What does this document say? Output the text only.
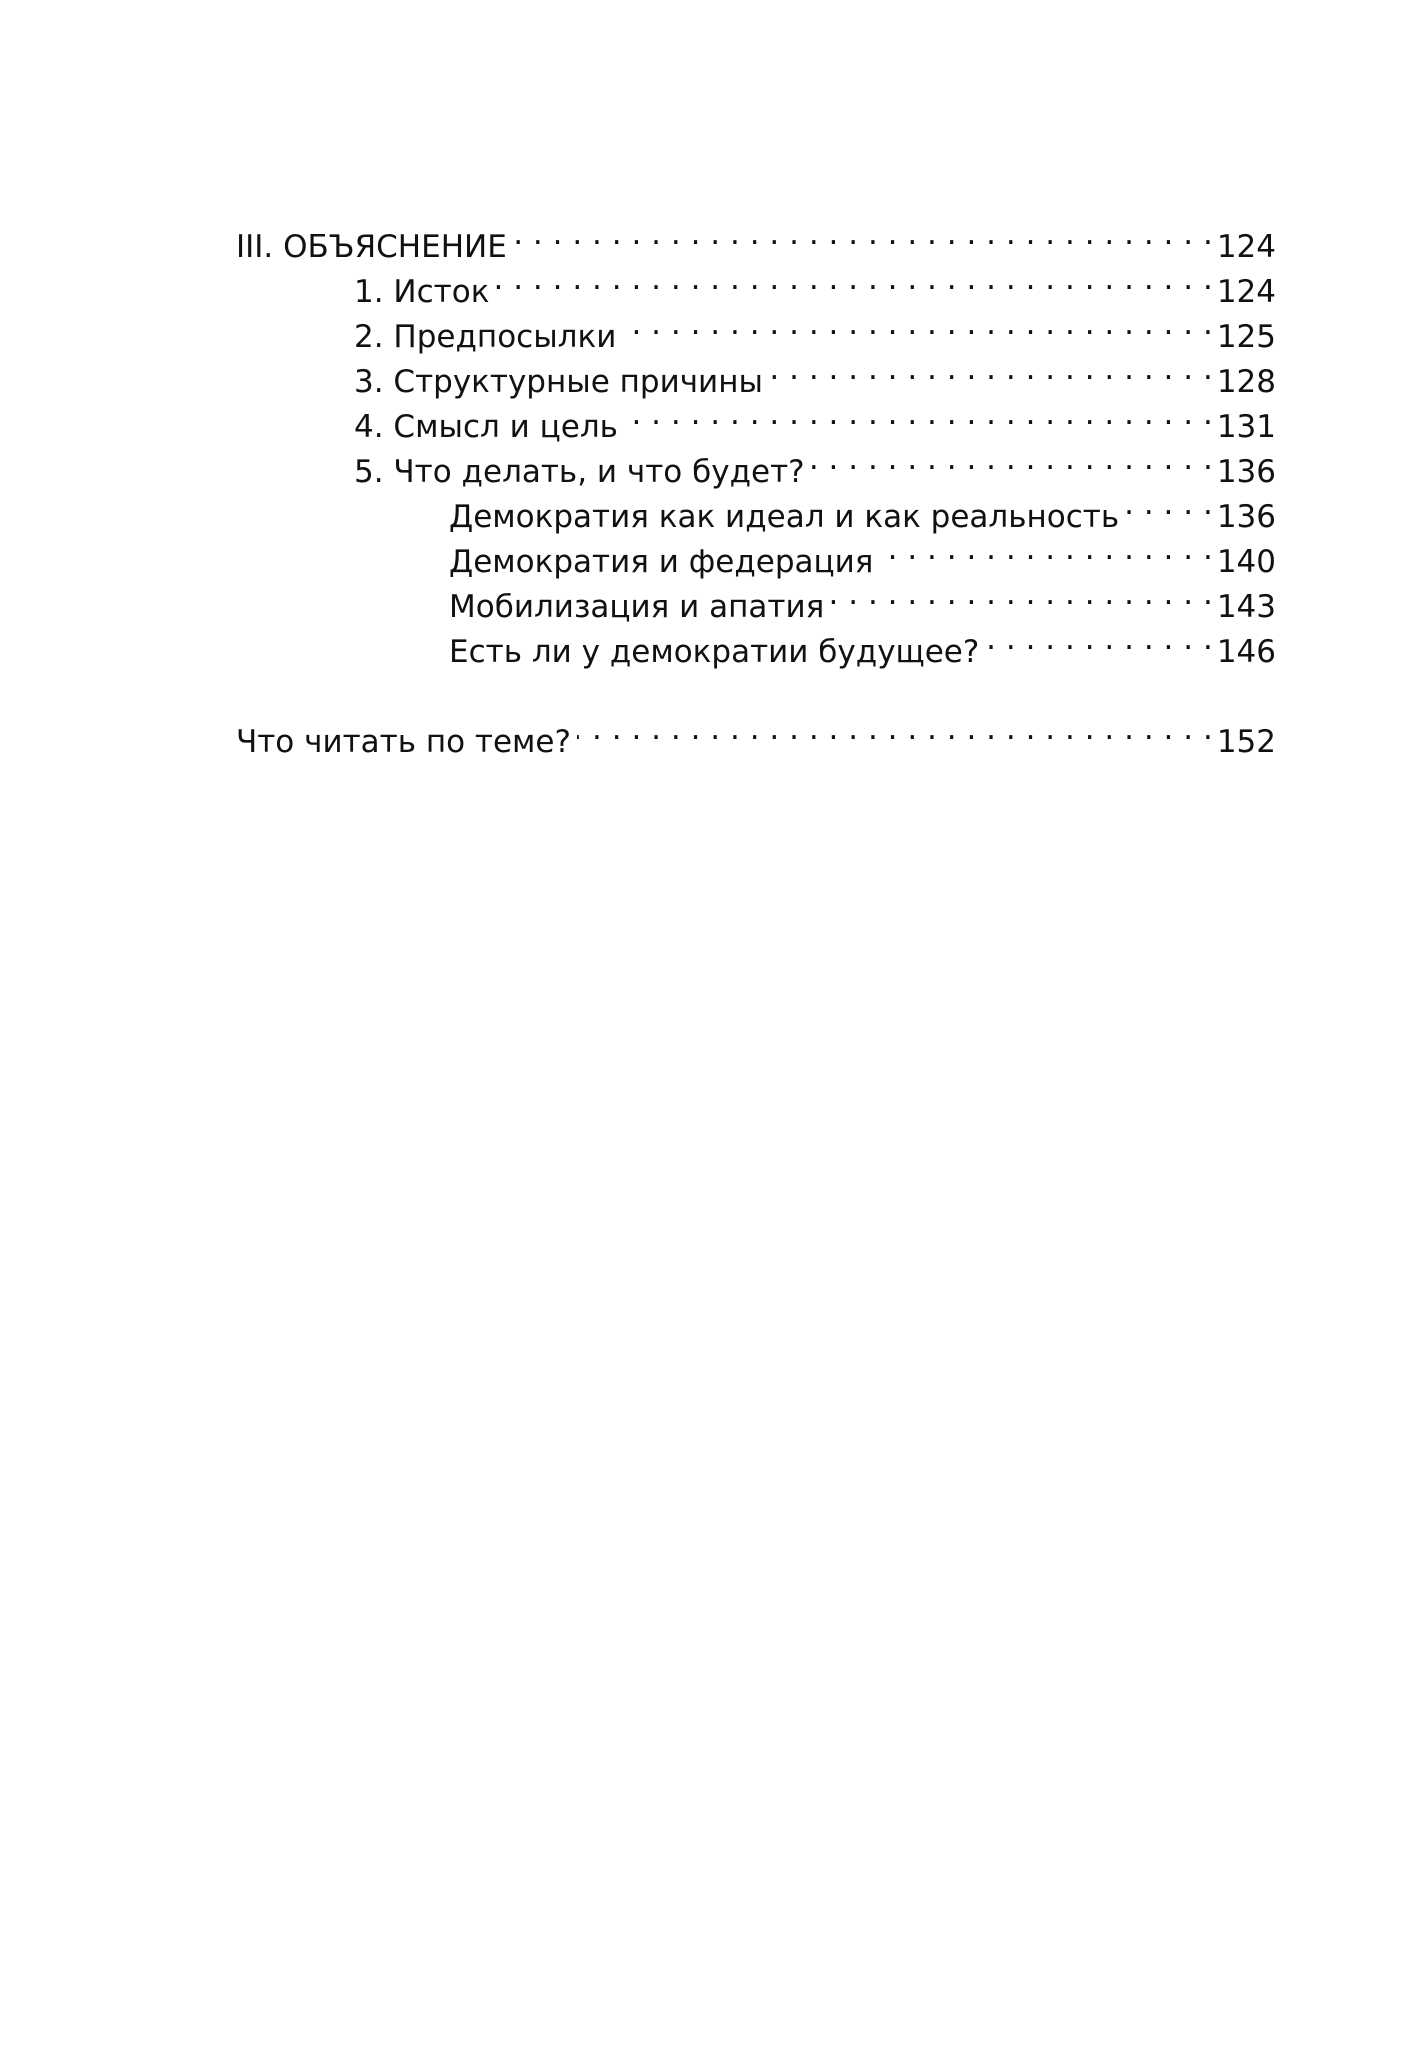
III. ОБЪЯСНЕНИЕ . . .	124
1. Исток . . .	124
2. Предпосылки . . .	125
3. Структурные причины . . .	128
4. Смысл и цель . . .	131
5. Что делать, и что будет? . . .	136
Демократия как идеал и как реальность . . .	136
Демократия и федерация . . .	140
Мобилизация и апатия . . .	143
Есть ли у демократии будущее? . . .	146
Что читать по теме? . . .	152
